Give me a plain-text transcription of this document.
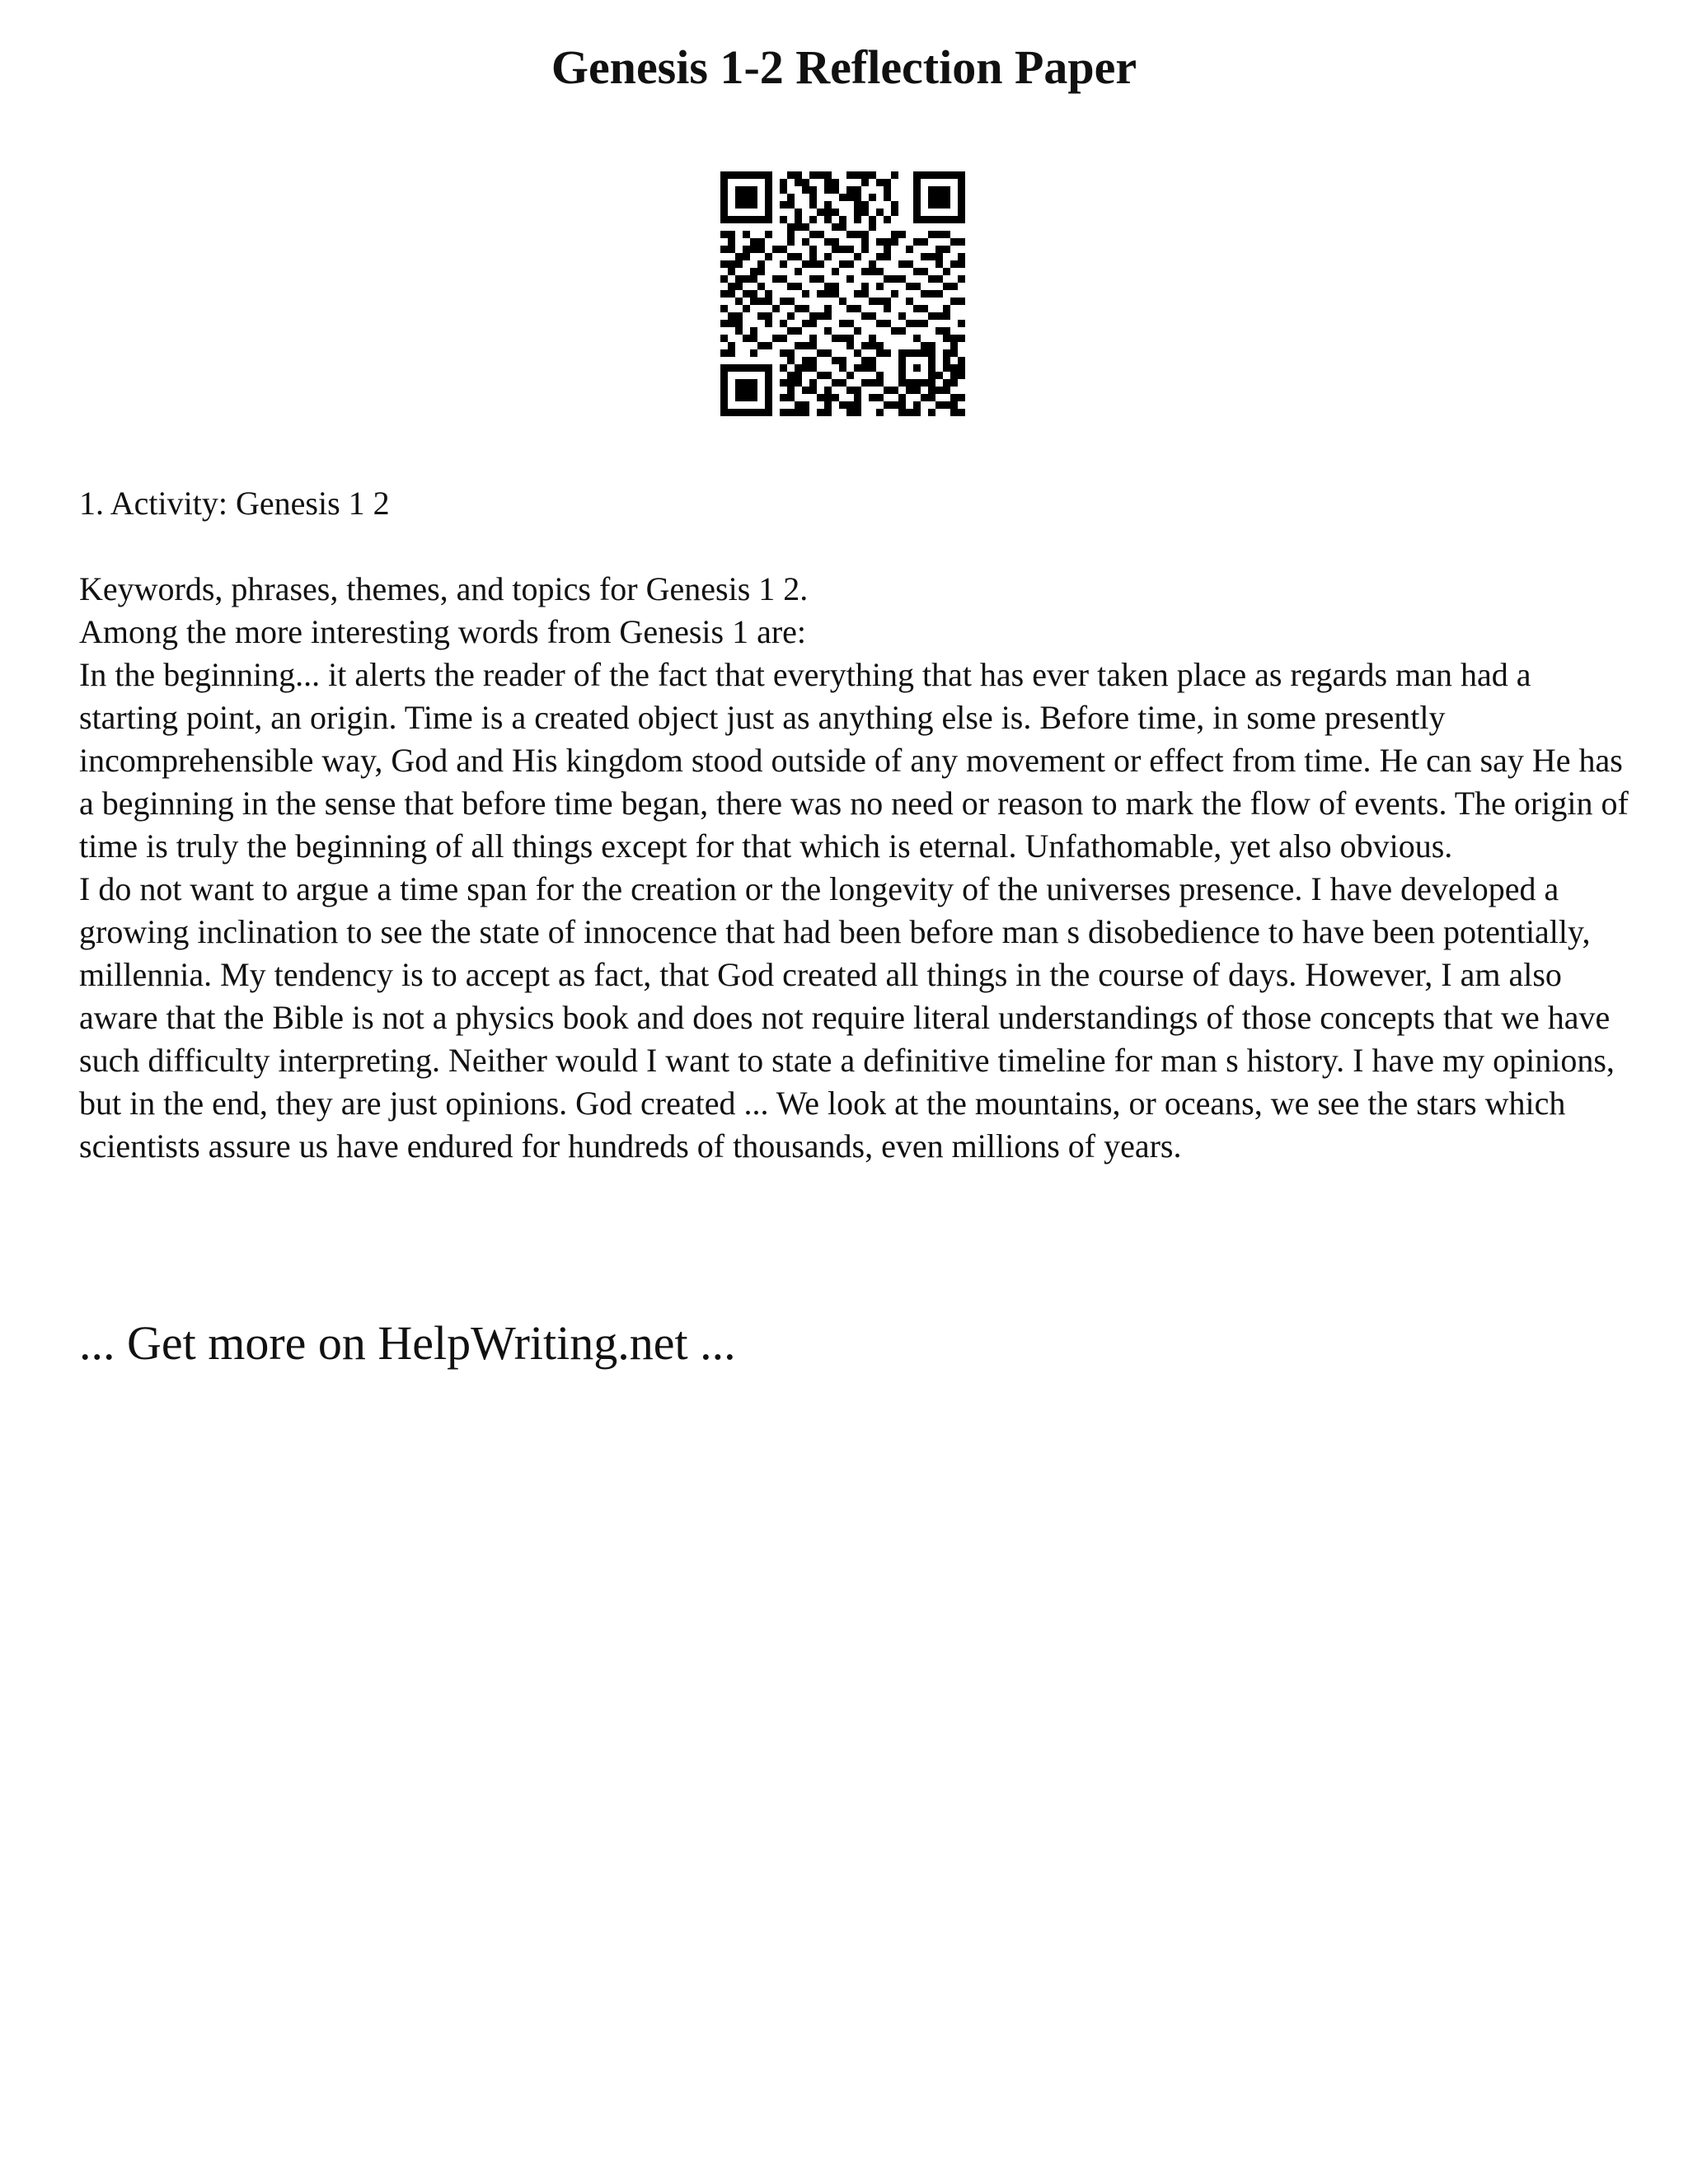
Genesis 1-2 Reflection Paper

1. Activity: Genesis 1 2

Keywords, phrases, themes, and topics for Genesis 1 2.

Among the more interesting words from Genesis 1 are:

In the beginning... it alerts the reader of the fact that everything that has ever taken place as regards man had a starting point, an origin. Time is a created object just as anything else is. Before time, in some presently incomprehensible way, God and His kingdom stood outside of any movement or effect from time. He can say He has a beginning in the sense that before time began, there was no need or reason to mark the flow of events. The origin of time is truly the beginning of all things except for that which is eternal. Unfathomable, yet also obvious.

I do not want to argue a time span for the creation or the longevity of the universes presence. I have developed a growing inclination to see the state of innocence that had been before man s disobedience to have been potentially, millennia. My tendency is to accept as fact, that God created all things in the course of days. However, I am also aware that the Bible is not a physics book and does not require literal understandings of those concepts that we have such difficulty interpreting. Neither would I want to state a definitive timeline for man s history. I have my opinions, but in the end, they are just opinions. God created ... We look at the mountains, or oceans, we see the stars which scientists assure us have endured for hundreds of thousands, even millions of years.

... Get more on HelpWriting.net ...
